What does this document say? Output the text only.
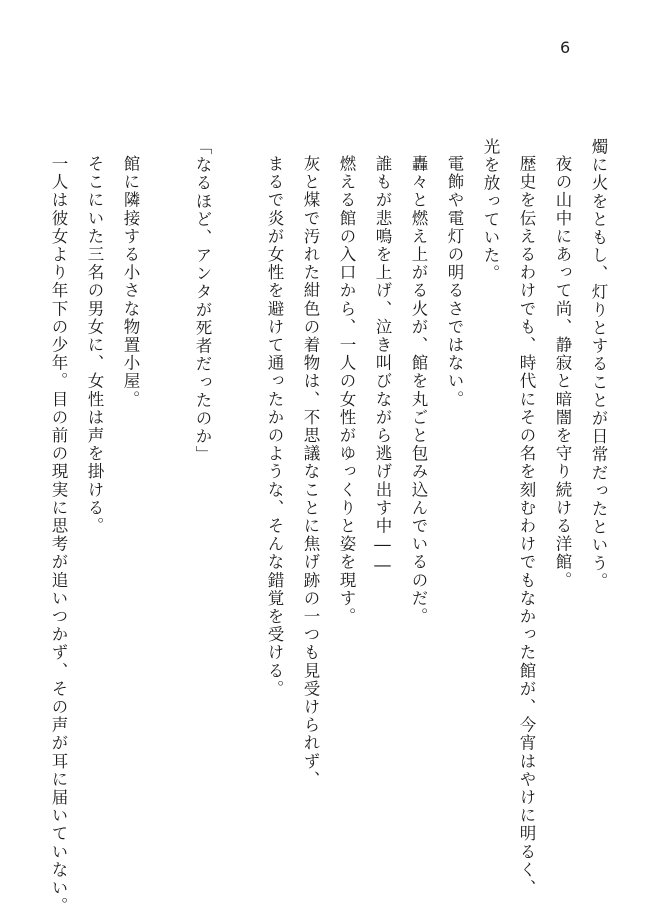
6

燭に火をともし、灯りとすることが日常だったという。

夜の山中にあって尚、静寂と暗闇を守り続ける洋館。

歴史を伝えるわけでも、時代にその名を刻むわけでもなかった館が、今宵はやけに明るく、

光を放っていた。

電飾や電灯の明るさではない。

轟々と燃え上がる火が、館を丸ごと包み込んでいるのだ。

誰もが悲鳴を上げ、泣き叫びながら逃げ出す中――

燃える館の入口から、一人の女性がゆっくりと姿を現す。

灰と煤で汚れた紺色の着物は、不思議なことに焦げ跡の一つも見受けられず、

まるで炎が女性を避けて通ったかのような、そんな錯覚を受ける。

「なるほど、アンタが死者だったのか」

館に隣接する小さな物置小屋。

そこにいた三名の男女に、女性は声を掛ける。

一人は彼女より年下の少年。目の前の現実に思考が追いつかず、その声が耳に届いていない。
